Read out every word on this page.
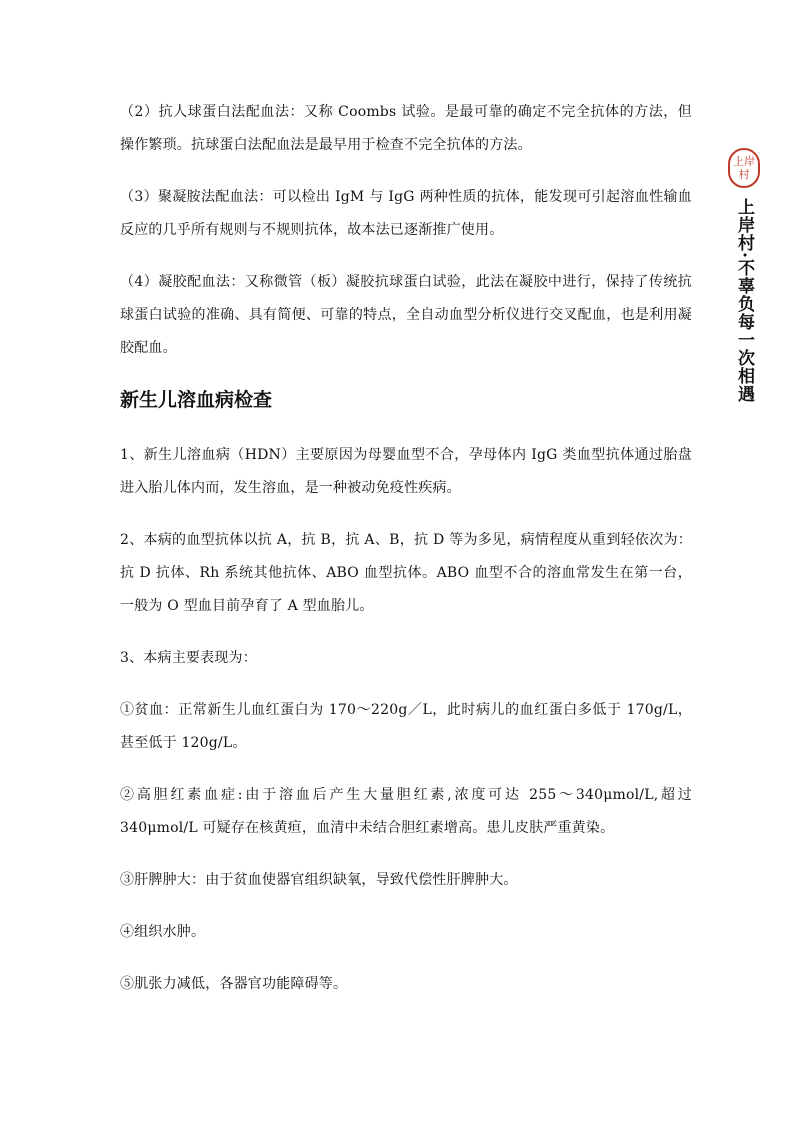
（2）抗人球蛋白法配血法：又称 Coombs 试验。是最可靠的确定不完全抗体的方法，但操作繁琐。抗球蛋白法配血法是最早用于检查不完全抗体的方法。

（3）聚凝胺法配血法：可以检出 IgM 与 IgG 两种性质的抗体，能发现可引起溶血性输血反应的几乎所有规则与不规则抗体，故本法已逐渐推广使用。

（4）凝胶配血法：又称微管（板）凝胶抗球蛋白试验，此法在凝胶中进行，保持了传统抗球蛋白试验的准确、具有简便、可靠的特点，全自动血型分析仪进行交叉配血，也是利用凝胶配血。

新生儿溶血病检查

1、新生儿溶血病（HDN）主要原因为母婴血型不合，孕母体内 IgG 类血型抗体通过胎盘进入胎儿体内而，发生溶血，是一种被动免疫性疾病。

2、本病的血型抗体以抗 A，抗 B，抗 A、B，抗 D 等为多见，病情程度从重到轻依次为：抗 D 抗体、Rh 系统其他抗体、ABO 血型抗体。ABO 血型不合的溶血常发生在第一台，一般为 O 型血目前孕育了 A 型血胎儿。

3、本病主要表现为：

①贫血：正常新生儿血红蛋白为 170～220g／L，此时病儿的血红蛋白多低于 170g/L，甚至低于 120g/L。

②高胆红素血症:由于溶血后产生大量胆红素,浓度可达 255～340μmol/L,超过 340μmol/L 可疑存在核黄疸，血清中未结合胆红素增高。患儿皮肤严重黄染。

③肝脾肿大：由于贫血使器官组织缺氧，导致代偿性肝脾肿大。

④组织水肿。

⑤肌张力减低，各器官功能障碍等。

上岸村
上岸村·不辜负每一次相遇
